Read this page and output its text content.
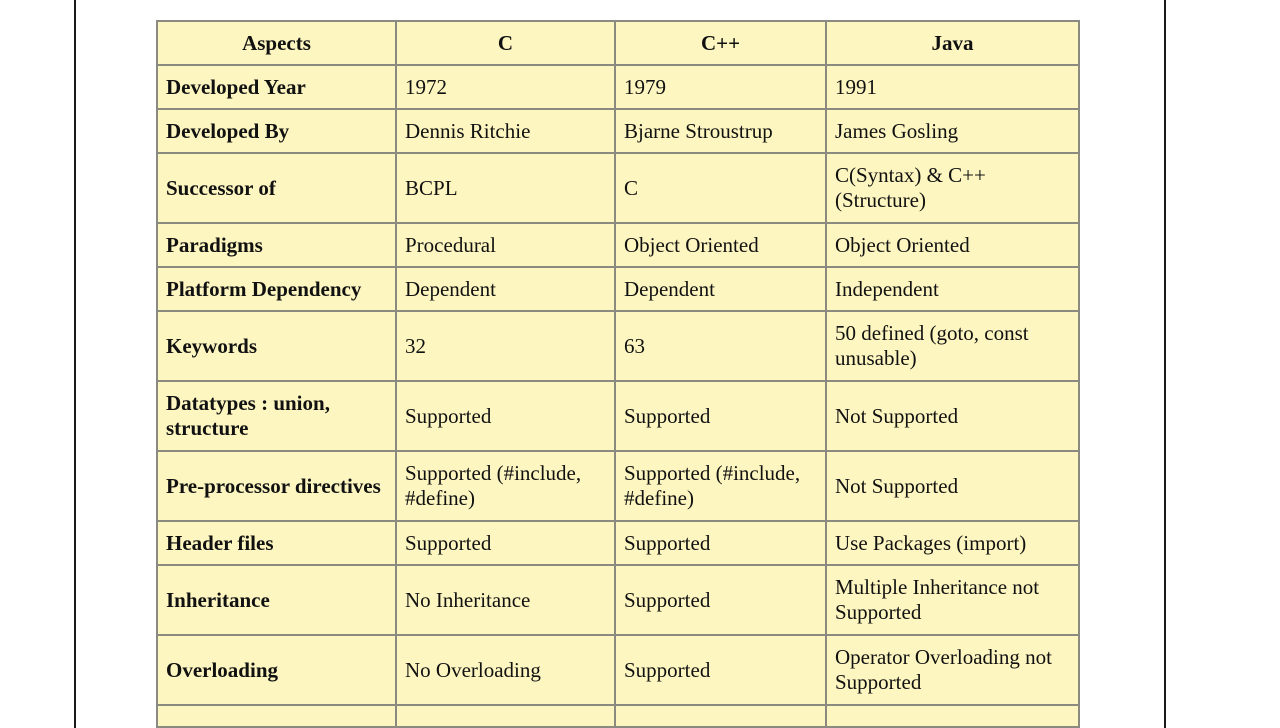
Aspects	C	C++	Java
Developed Year	1972	1979	1991
Developed By	Dennis Ritchie	Bjarne Stroustrup	James Gosling
Successor of	BCPL	C	C(Syntax) & C++ (Structure)
Paradigms	Procedural	Object Oriented	Object Oriented
Platform Dependency	Dependent	Dependent	Independent
Keywords	32	63	50 defined (goto, const unusable)
Datatypes : union, structure	Supported	Supported	Not Supported
Pre-processor directives	Supported (#include, #define)	Supported (#include, #define)	Not Supported
Header files	Supported	Supported	Use Packages (import)
Inheritance	No Inheritance	Supported	Multiple Inheritance not Supported
Overloading	No Overloading	Supported	Operator Overloading not Supported
